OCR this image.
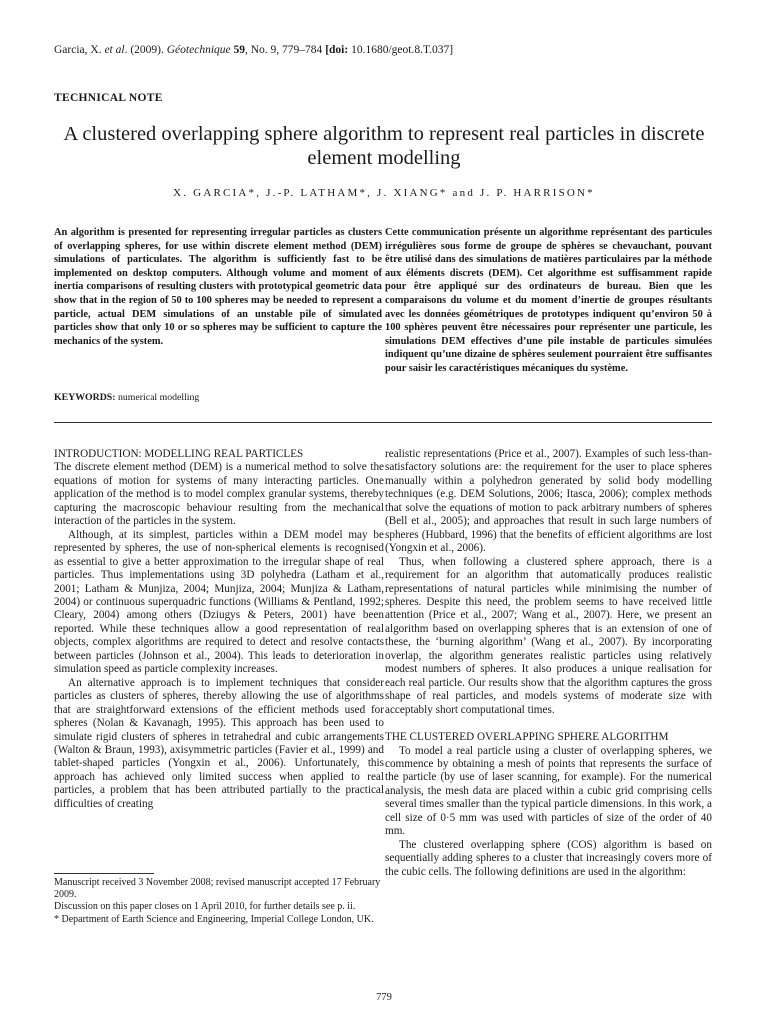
Garcia, X. et al. (2009). Géotechnique 59, No. 9, 779–784 [doi: 10.1680/geot.8.T.037]
TECHNICAL NOTE
A clustered overlapping sphere algorithm to represent real particles in discrete element modelling
X. GARCIA*, J.-P. LATHAM*, J. XIANG* and J. P. HARRISON*
An algorithm is presented for representing irregular particles as clusters of overlapping spheres, for use within discrete element method (DEM) simulations of particulates. The algorithm is sufficiently fast to be implemented on desktop computers. Although volume and moment of inertia comparisons of resulting clusters with prototypical geometric data show that in the region of 50 to 100 spheres may be needed to represent a particle, actual DEM simulations of an unstable pile of simulated particles show that only 10 or so spheres may be sufficient to capture the mechanics of the system.
Cette communication présente un algorithme représentant des particules irrégulières sous forme de groupe de sphères se chevauchant, pouvant être utilisé dans des simulations de matières particulaires par la méthode aux éléments discrets (DEM). Cet algorithme est suffisamment rapide pour être appliqué sur des ordinateurs de bureau. Bien que les comparaisons du volume et du moment d’inertie de groupes résultants avec les données géométriques de prototypes indiquent qu’environ 50 à 100 sphères peuvent être nécessaires pour représenter une particule, les simulations DEM effectives d’une pile instable de particules simulées indiquent qu’une dizaine de sphères seulement pourraient être suffisantes pour saisir les caractéristiques mécaniques du système.
KEYWORDS: numerical modelling
INTRODUCTION: MODELLING REAL PARTICLES

The discrete element method (DEM) is a numerical method to solve the equations of motion for systems of many interacting particles. One application of the method is to model complex granular systems, thereby capturing the macroscopic behaviour resulting from the mechanical interaction of the particles in the system.

Although, at its simplest, particles within a DEM model may be represented by spheres, the use of non-spherical elements is recognised as essential to give a better approximation to the irregular shape of real particles. Thus implementations using 3D polyhedra (Latham et al., 2001; Latham & Munjiza, 2004; Munjiza, 2004; Munjiza & Latham, 2004) or continuous superquadric functions (Williams & Pentland, 1992; Cleary, 2004) among others (Dziugys & Peters, 2001) have been reported. While these techniques allow a good representation of real objects, complex algorithms are required to detect and resolve contacts between particles (Johnson et al., 2004). This leads to deterioration in simulation speed as particle complexity increases.

An alternative approach is to implement techniques that consider particles as clusters of spheres, thereby allowing the use of algorithms that are straightforward extensions of the efficient methods used for spheres (Nolan & Kavanagh, 1995). This approach has been used to simulate rigid clusters of spheres in tetrahedral and cubic arrangements (Walton & Braun, 1993), axisymmetric particles (Favier et al., 1999) and tablet-shaped particles (Yongxin et al., 2006). Unfortunately, this approach has achieved only limited success when applied to real particles, a problem that has been attributed partially to the practical difficulties of creating

realistic representations (Price et al., 2007). Examples of such less-than-satisfactory solutions are: the requirement for the user to place spheres manually within a polyhedron generated by solid body modelling techniques (e.g. DEM Solutions, 2006; Itasca, 2006); complex methods that solve the equations of motion to pack arbitrary numbers of spheres (Bell et al., 2005); and approaches that result in such large numbers of spheres (Hubbard, 1996) that the benefits of efficient algorithms are lost (Yongxin et al., 2006).

Thus, when following a clustered sphere approach, there is a requirement for an algorithm that automatically produces realistic representations of natural particles while minimising the number of spheres. Despite this need, the problem seems to have received little attention (Price et al., 2007; Wang et al., 2007). Here, we present an algorithm based on overlapping spheres that is an extension of one of these, the ‘burning algorithm’ (Wang et al., 2007). By incorporating overlap, the algorithm generates realistic particles using relatively modest numbers of spheres. It also produces a unique realisation for each real particle. Our results show that the algorithm captures the gross shape of real particles, and models systems of moderate size with acceptably short computational times.

THE CLUSTERED OVERLAPPING SPHERE ALGORITHM

To model a real particle using a cluster of overlapping spheres, we commence by obtaining a mesh of points that represents the surface of the particle (by use of laser scanning, for example). For the numerical analysis, the mesh data are placed within a cubic grid comprising cells several times smaller than the typical particle dimensions. In this work, a cell size of 0·5 mm was used with particles of size of the order of 40 mm.

The clustered overlapping sphere (COS) algorithm is based on sequentially adding spheres to a cluster that increasingly covers more of the cubic cells. The following definitions are used in the algorithm:

Manuscript received 3 November 2008; revised manuscript accepted 17 February 2009.

Discussion on this paper closes on 1 April 2010, for further details see p. ii.

* Department of Earth Science and Engineering, Imperial College London, UK.

779
